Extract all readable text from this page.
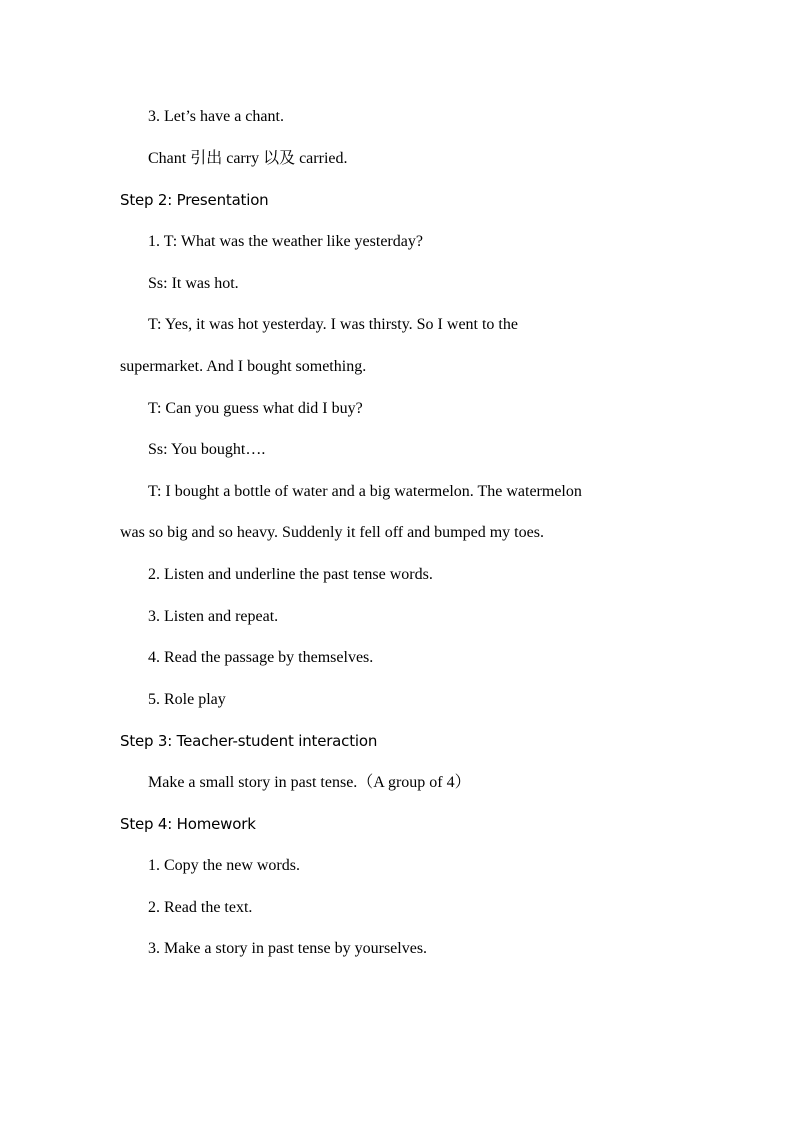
3. Let’s have a chant.
Chant 引出 carry 以及 carried.
Step 2: Presentation
1. T: What was the weather like yesterday?
Ss: It was hot.
T: Yes, it was hot yesterday. I was thirsty. So I went to the
supermarket. And I bought something.
T: Can you guess what did I buy?
Ss: You bought….
T: I bought a bottle of water and a big watermelon. The watermelon
was so big and so heavy. Suddenly it fell off and bumped my toes.
2. Listen and underline the past tense words.
3. Listen and repeat.
4. Read the passage by themselves.
5. Role play
Step 3: Teacher-student interaction
Make a small story in past tense.（A group of 4）
Step 4: Homework
1. Copy the new words.
2. Read the text.
3. Make a story in past tense by yourselves.
